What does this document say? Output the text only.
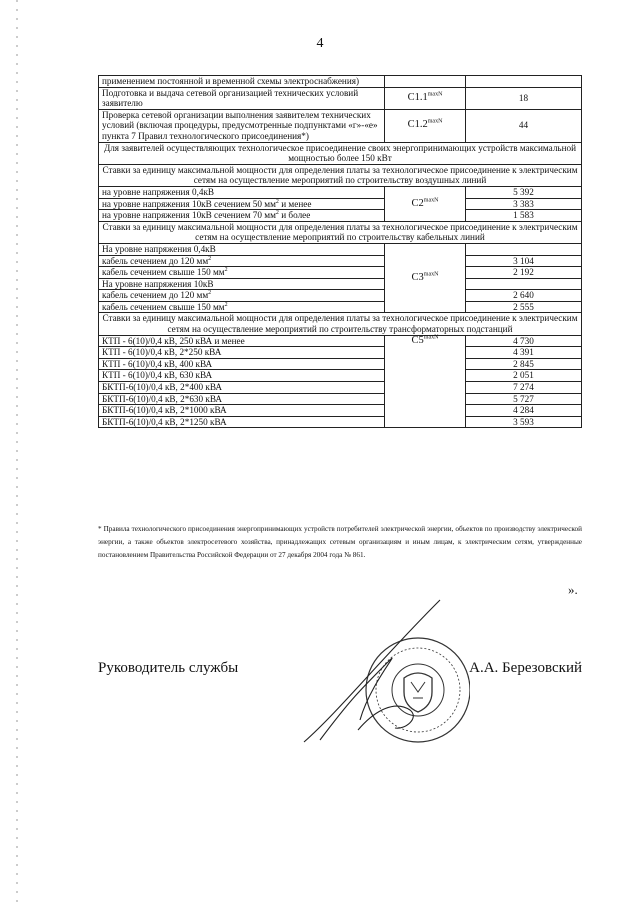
4
применением постоянной и временной схемы электроснабжения)		
Подготовка и выдача сетевой организацией технических условий заявителю	$C1.1^{maxN}$	18
Проверка сетевой организации выполнения заявителем технических условий (включая процедуры, предусмотренные подпунктами «г»-«е» пункта 7 Правил технологического присоединения*)	$C1.2^{maxN}$	44
Для заявителей осуществляющих технологическое присоединение своих энергопринимающих устройств максимальной мощностью более 150 кВт		
Ставки за единицу максимальной мощности для определения платы за технологическое присоединение к электрическим сетям на осуществление мероприятий по строительству воздушных линий		
на уровне напряжения 0,4кВ	$C2^{maxN}$	5 392
на уровне напряжения 10кВ сечением 50 $мм^2$ и менее		3 383
на уровне напряжения 10кВ сечением 70 $мм^2$ и более		1 583
Ставки за единицу максимальной мощности для определения платы за технологическое присоединение к электрическим сетям на осуществление мероприятий по строительству кабельных линий		
На уровне напряжения 0,4кВ	$C3^{maxN}$	
кабель сечением до 120 $мм^2$		3 104
кабель сечением свыше 150 $мм^2$		2 192
На уровне напряжения 10кВ		
кабель сечением до 120 $мм^2$		2 640
кабель сечением свыше 150 $мм^2$		2 555
Ставки за единицу максимальной мощности для определения платы за технологическое присоединение к электрическим сетям на осуществление мероприятий по строительству трансформаторных подстанций		
КТП - 6(10)/0,4 кВ, 250 кВА и менее	$C5^{maxN}$	4 730
КТП - 6(10)/0,4 кВ, 2*250 кВА		4 391
КТП - 6(10)/0,4 кВ, 400 кВА		2 845
КТП - 6(10)/0,4 кВ, 630 кВА		2 051
БКТП-6(10)/0,4 кВ, 2*400 кВА		7 274
БКТП-6(10)/0,4 кВ, 2*630 кВА		5 727
БКТП-6(10)/0,4 кВ, 2*1000 кВА		4 284
БКТП-6(10)/0,4 кВ, 2*1250 кВА		3 593
* Правила технологического присоединения энергопринимающих устройств потребителей электрической энергии, объектов по производству электрической энергии, а также объектов электросетевого хозяйства, принадлежащих сетевым организациям и иным лицам, к электрическим сетям, утвержденные постановлением Правительства Российской Федерации от 27 декабря 2004 года № 861.
».
Руководитель службы	А.А. Березовский
